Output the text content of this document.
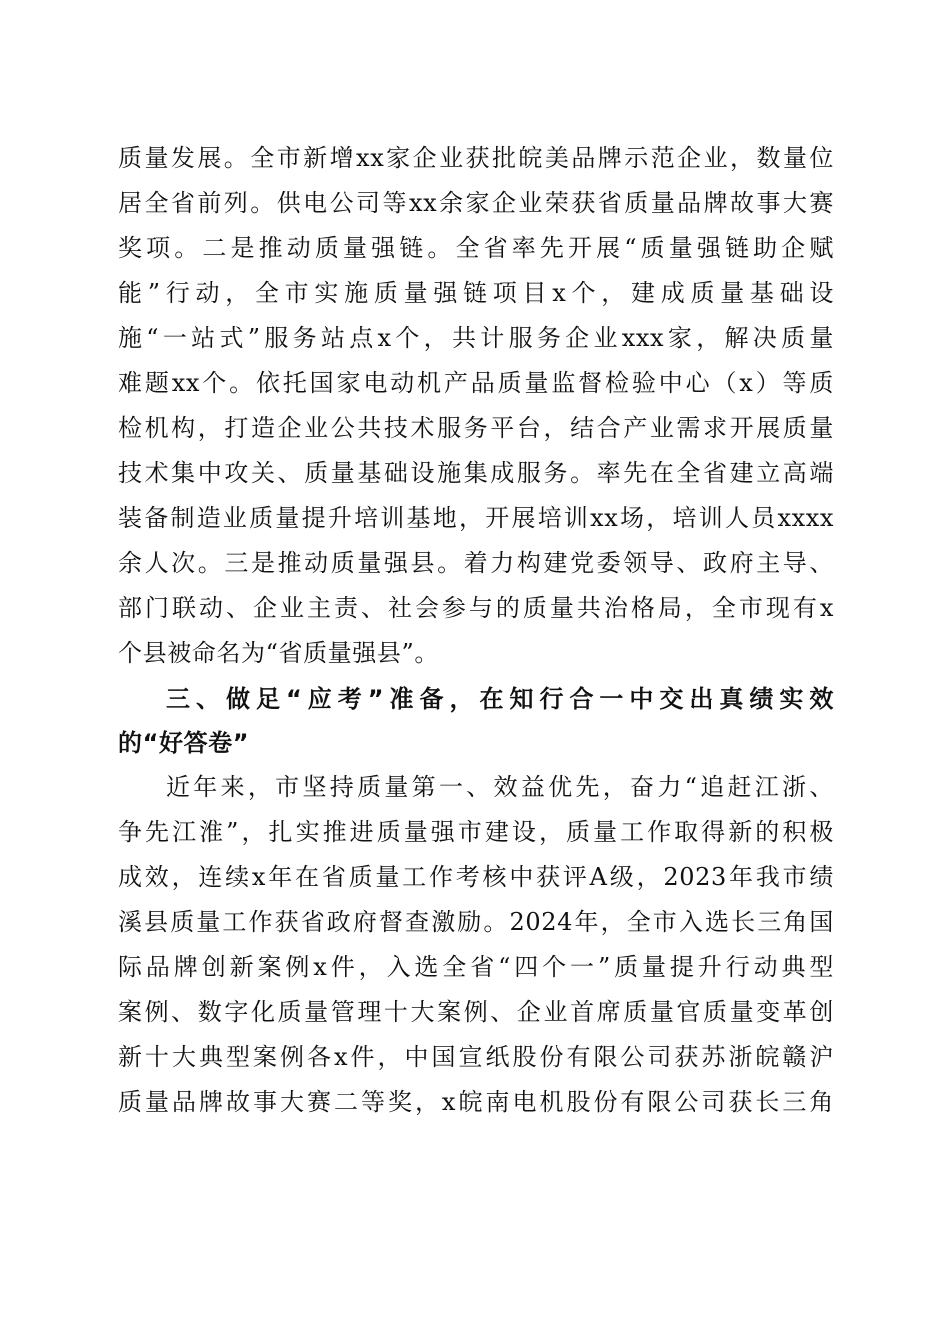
质量发展。全市新增xx家企业获批皖美品牌示范企业，数量位
居全省前列。供电公司等xx余家企业荣获省质量品牌故事大赛
奖项。二是推动质量强链。全省率先开展“质量强链助企赋
能”行动，全市实施质量强链项目x个，建成质量基础设
施“一站式”服务站点x个，共计服务企业xxx家，解决质量
难题xx个。依托国家电动机产品质量监督检验中心（x）等质
检机构，打造企业公共技术服务平台，结合产业需求开展质量
技术集中攻关、质量基础设施集成服务。率先在全省建立高端
装备制造业质量提升培训基地，开展培训xx场，培训人员xxxx
余人次。三是推动质量强县。着力构建党委领导、政府主导、
部门联动、企业主责、社会参与的质量共治格局，全市现有x
个县被命名为“省质量强县”。
三、做足“应考”准备，在知行合一中交出真绩实效
的“好答卷”
近年来，市坚持质量第一、效益优先，奋力“追赶江浙、
争先江淮”，扎实推进质量强市建设，质量工作取得新的积极
成效，连续x年在省质量工作考核中获评A级，2023年我市绩
溪县质量工作获省政府督查激励。2024年，全市入选长三角国
际品牌创新案例x件，入选全省“四个一”质量提升行动典型
案例、数字化质量管理十大案例、企业首席质量官质量变革创
新十大典型案例各x件，中国宣纸股份有限公司获苏浙皖赣沪
质量品牌故事大赛二等奖，x皖南电机股份有限公司获长三角
